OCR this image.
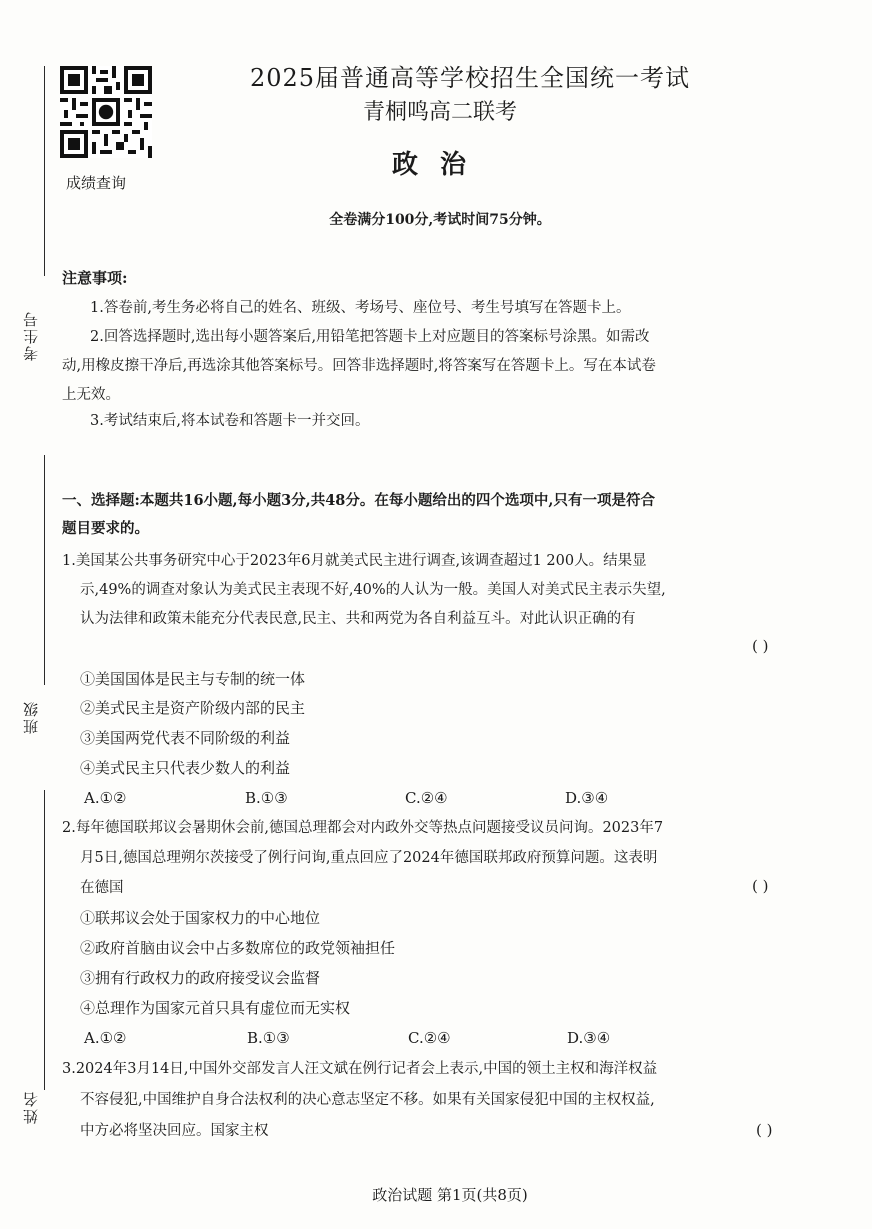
考生号
班级
姓名
成绩查询
2025届普通高等学校招生全国统一考试
青桐鸣高二联考
政治
全卷满分100分,考试时间75分钟。
注意事项:
1.答卷前,考生务必将自己的姓名、班级、考场号、座位号、考生号填写在答题卡上。
2.回答选择题时,选出每小题答案后,用铅笔把答题卡上对应题目的答案标号涂黑。如需改
动,用橡皮擦干净后,再选涂其他答案标号。回答非选择题时,将答案写在答题卡上。写在本试卷
上无效。
3.考试结束后,将本试卷和答题卡一并交回。
一、选择题:本题共16小题,每小题3分,共48分。在每小题给出的四个选项中,只有一项是符合
题目要求的。
1.美国某公共事务研究中心于2023年6月就美式民主进行调查,该调查超过1 200人。结果显
示,49%的调查对象认为美式民主表现不好,40%的人认为一般。美国人对美式民主表示失望,
认为法律和政策未能充分代表民意,民主、共和两党为各自利益互斗。对此认识正确的有
( )
①美国国体是民主与专制的统一体
②美式民主是资产阶级内部的民主
③美国两党代表不同阶级的利益
④美式民主只代表少数人的利益
A.①②	B.①③	C.②④	D.③④
2.每年德国联邦议会暑期休会前,德国总理都会对内政外交等热点问题接受议员问询。2023年7
月5日,德国总理朔尔茨接受了例行问询,重点回应了2024年德国联邦政府预算问题。这表明
在德国	( )
①联邦议会处于国家权力的中心地位
②政府首脑由议会中占多数席位的政党领袖担任
③拥有行政权力的政府接受议会监督
④总理作为国家元首只具有虚位而无实权
A.①②	B.①③	C.②④	D.③④
3.2024年3月14日,中国外交部发言人汪文斌在例行记者会上表示,中国的领土主权和海洋权益
不容侵犯,中国维护自身合法权利的决心意志坚定不移。如果有关国家侵犯中国的主权权益,
中方必将坚决回应。国家主权	( )
政治试题 第1页(共8页)
